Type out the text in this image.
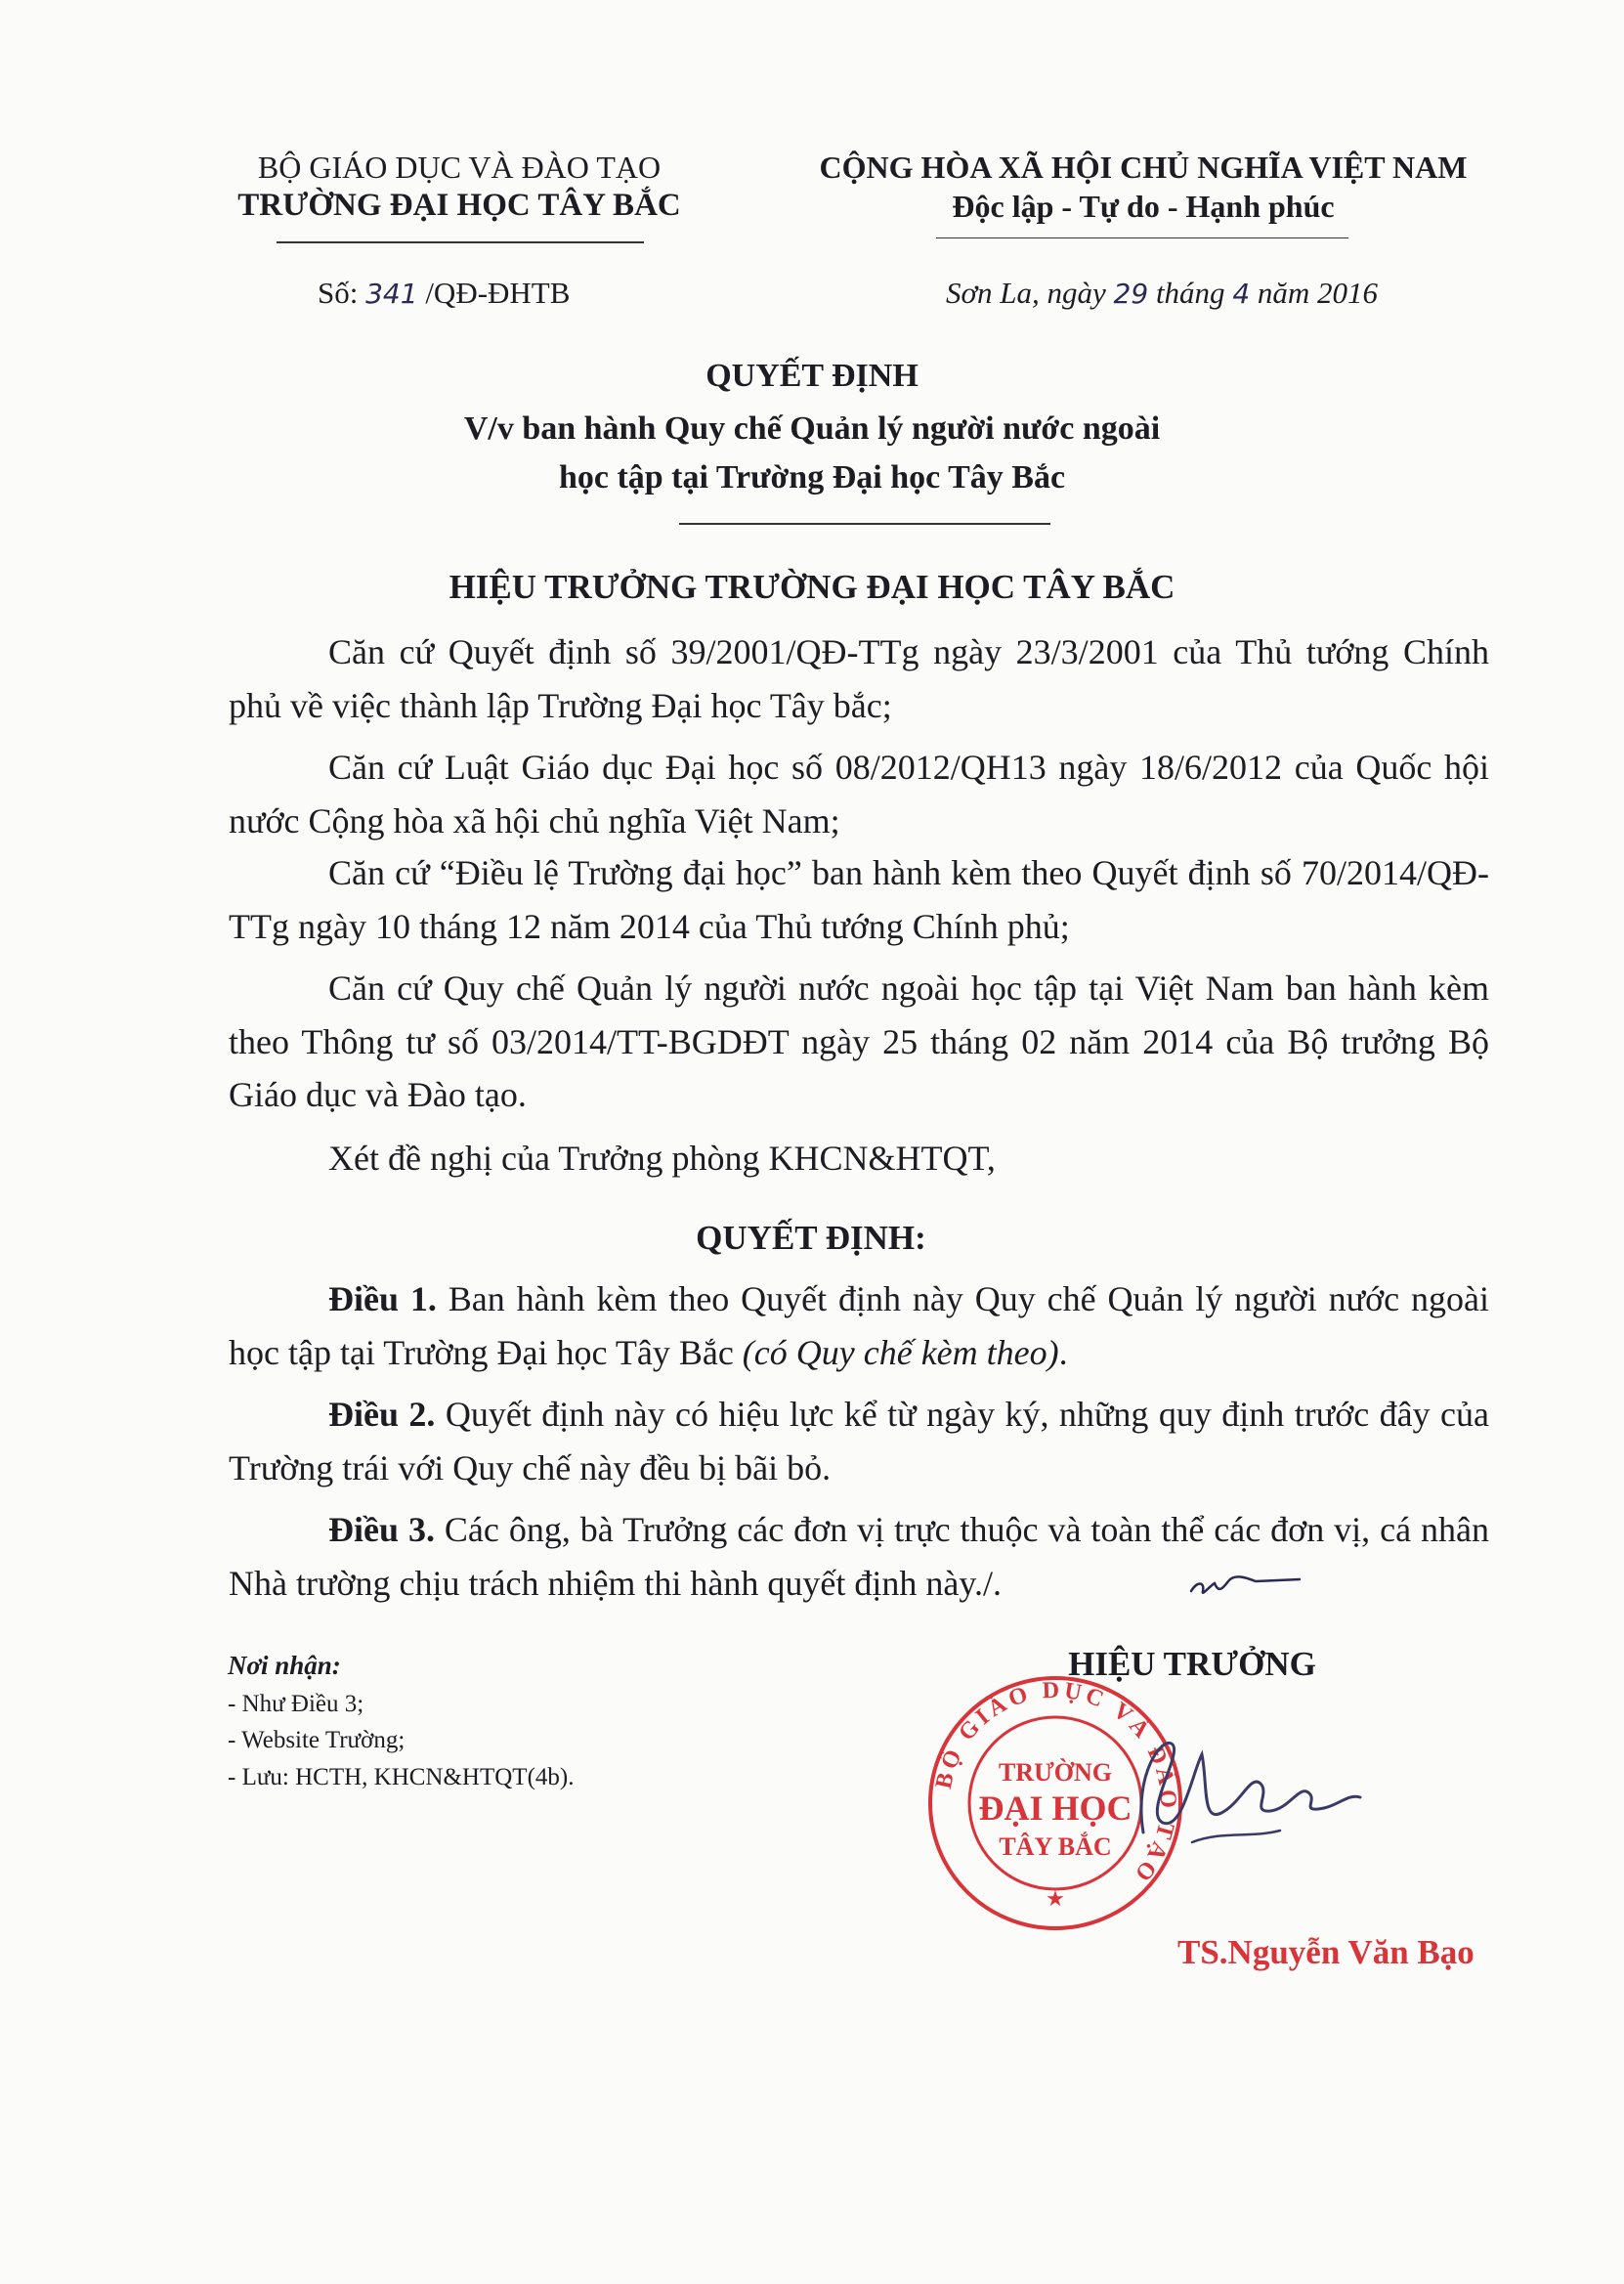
BỘ GIÁO DỤC VÀ ĐÀO TẠO
TRƯỜNG ĐẠI HỌC TÂY BẮC
Số: 341 /QĐ-ĐHTB
CỘNG HÒA XÃ HỘI CHỦ NGHĨA VIỆT NAM
Độc lập - Tự do - Hạnh phúc
Sơn La, ngày 29 tháng 4 năm 2016
QUYẾT ĐỊNH
V/v ban hành Quy chế Quản lý người nước ngoài
học tập tại Trường Đại học Tây Bắc
HIỆU TRƯỞNG TRƯỜNG ĐẠI HỌC TÂY BẮC
Căn cứ Quyết định số 39/2001/QĐ-TTg ngày 23/3/2001 của Thủ tướng Chính phủ về việc thành lập Trường Đại học Tây bắc;
Căn cứ Luật Giáo dục Đại học số 08/2012/QH13 ngày 18/6/2012 của Quốc hội nước Cộng hòa xã hội chủ nghĩa Việt Nam;
Căn cứ “Điều lệ Trường đại học” ban hành kèm theo Quyết định số 70/2014/QĐ-TTg ngày 10 tháng 12 năm 2014 của Thủ tướng Chính phủ;
Căn cứ Quy chế Quản lý người nước ngoài học tập tại Việt Nam ban hành kèm theo Thông tư số 03/2014/TT-BGDĐT ngày 25 tháng 02 năm 2014 của Bộ trưởng Bộ Giáo dục và Đào tạo.
Xét đề nghị của Trưởng phòng KHCN&HTQT,
QUYẾT ĐỊNH:
Điều 1. Ban hành kèm theo Quyết định này Quy chế Quản lý người nước ngoài học tập tại Trường Đại học Tây Bắc (có Quy chế kèm theo).
Điều 2. Quyết định này có hiệu lực kể từ ngày ký, những quy định trước đây của Trường trái với Quy chế này đều bị bãi bỏ.
Điều 3. Các ông, bà Trưởng các đơn vị trực thuộc và toàn thể các đơn vị, cá nhân Nhà trường chịu trách nhiệm thi hành quyết định này./.
Nơi nhận:
- Như Điều 3;
- Website Trường;
- Lưu: HCTH, KHCN&HTQT(4b).
HIỆU TRƯỞNG
BỘ GIÁO DỤC VÀ ĐÀO TẠO
TRƯỜNG
ĐẠI HỌC
TÂY BẮC
★
TS.Nguyễn Văn Bạo
